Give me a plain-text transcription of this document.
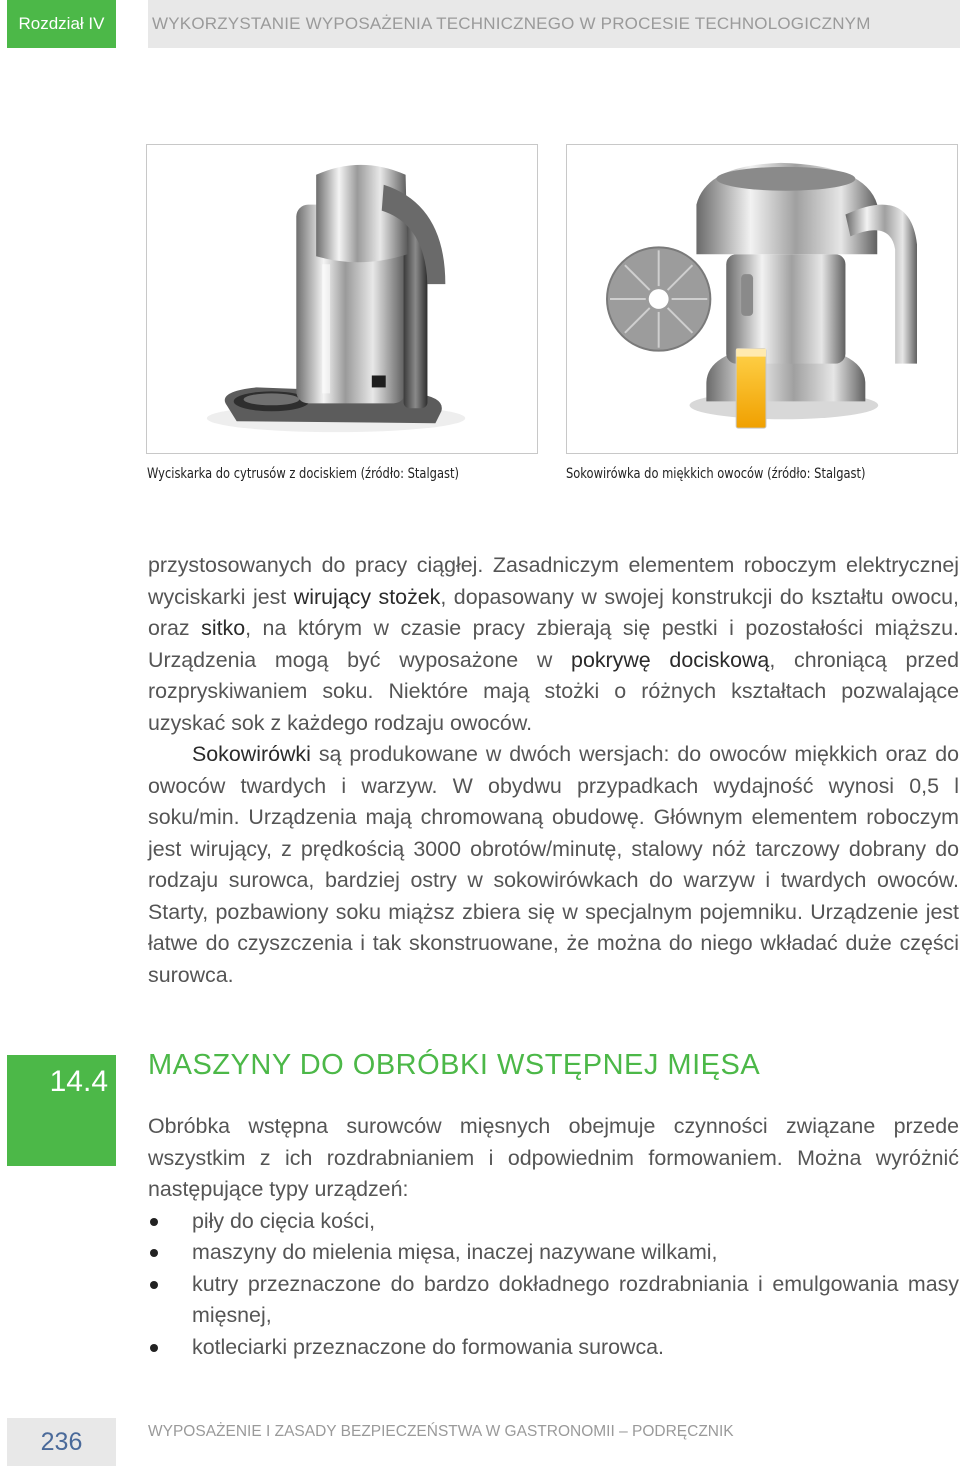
Rozdział IV	WYKORZYSTANIE WYPOSAŻENIA TECHNICZNEGO W PROCESIE TECHNOLOGICZNYM
Wyciskarka do cytrusów z dociskiem (źródło: Stalgast)	Sokowirówka do miękkich owoców (źródło: Stalgast)

przystosowanych do pracy ciągłej. Zasadniczym elementem roboczym elektrycznej wyciskarki jest wirujący stożek, dopasowany w swojej konstrukcji do kształtu owocu, oraz sitko, na którym w czasie pracy zbierają się pestki i pozostałości miąższu. Urządzenia mogą być wyposażone w pokrywę dociskową, chroniącą przed rozpryskiwaniem soku. Niektóre mają stożki o różnych kształtach pozwalające uzyskać sok z każdego rodzaju owoców.

Sokowirówki są produkowane w dwóch wersjach: do owoców miękkich oraz do owoców twardych i warzyw. W obydwu przypadkach wydajność wynosi 0,5 l soku/min. Urządzenia mają chromowaną obudowę. Głównym elementem roboczym jest wirujący, z prędkością 3000 obrotów/minutę, stalowy nóż tarczowy dobrany do rodzaju surowca, bardziej ostry w sokowirówkach do warzyw i twardych owoców. Starty, pozbawiony soku miąższ zbiera się w specjalnym pojemniku. Urządzenie jest łatwe do czyszczenia i tak skonstruowane, że można do niego wkładać duże części surowca.

14.4 MASZYNY DO OBRÓBKI WSTĘPNEJ MIĘSA

Obróbka wstępna surowców mięsnych obejmuje czynności związane przede wszystkim z ich rozdrabnianiem i odpowiednim formowaniem. Można wyróżnić następujące typy urządzeń:

piły do cięcia kości,
maszyny do mielenia mięsa, inaczej nazywane wilkami,
kutry przeznaczone do bardzo dokładnego rozdrabniania i emulgowania masy mięsnej,
kotleciarki przeznaczone do formowania surowca.
236	WYPOSAŻENIE I ZASADY BEZPIECZEŃSTWA W GASTRONOMII – PODRĘCZNIK
